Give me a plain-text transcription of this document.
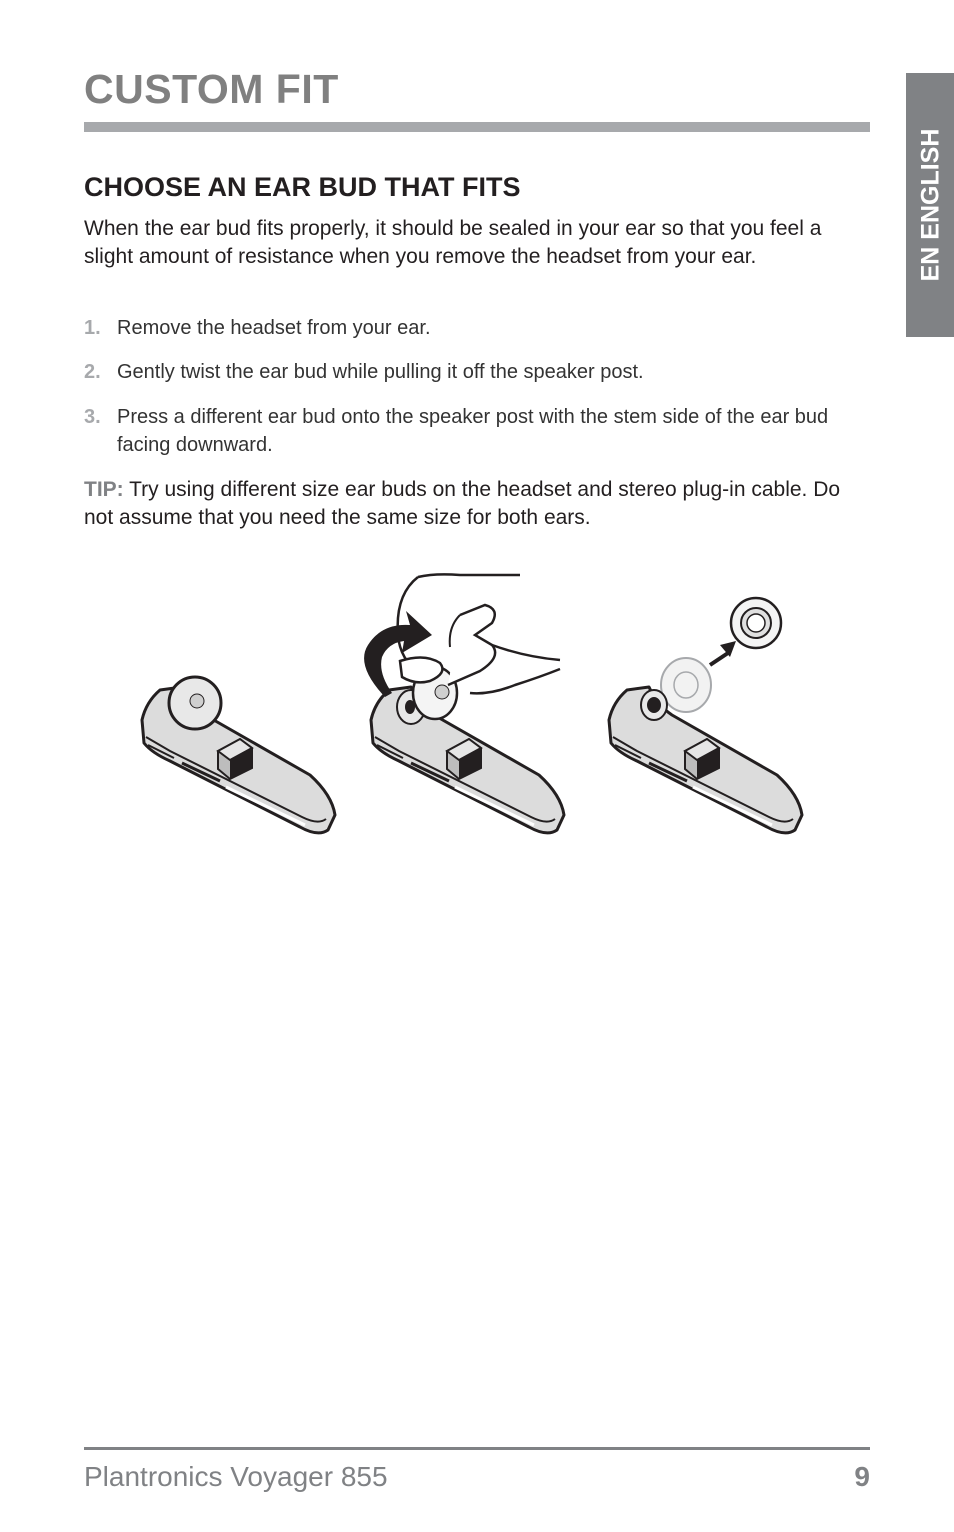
CUSTOM FIT
EN ENGLISH
CHOOSE AN EAR BUD THAT FITS

When the ear bud fits properly, it should be sealed in your ear so that you feel a slight amount of resistance when you remove the headset from your ear.

1. Remove the headset from your ear.
2. Gently twist the ear bud while pulling it off the speaker post.
3. Press a different ear bud onto the speaker post with the stem side of the ear bud facing downward.

TIP: Try using different size ear buds on the headset and stereo plug-in cable. Do not assume that you need the same size for both ears.

Plantronics Voyager 855	9
